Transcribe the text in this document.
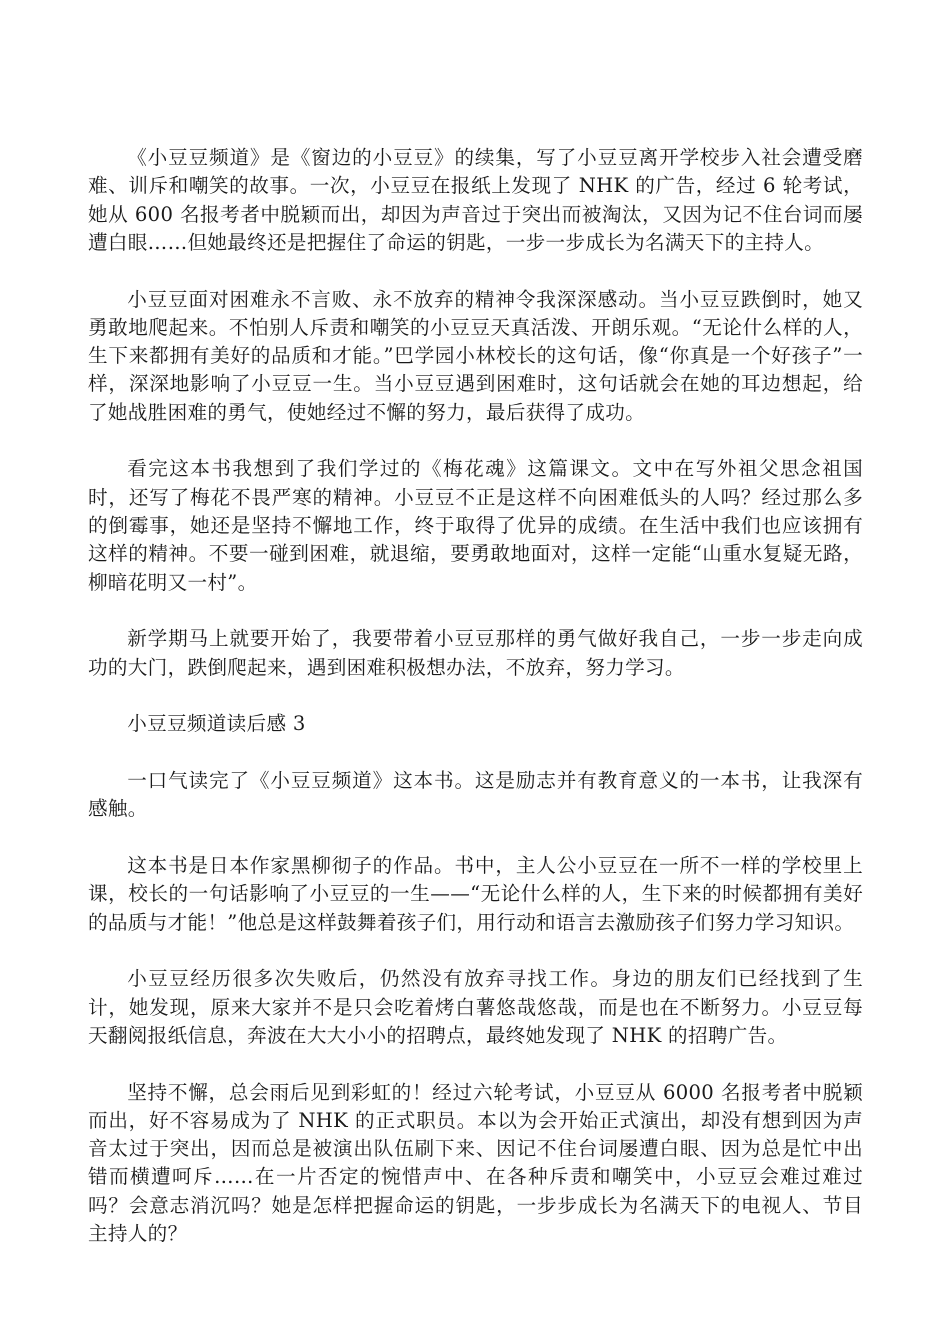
《小豆豆频道》是《窗边的小豆豆》的续集，写了小豆豆离开学校步入社会遭受磨难、训斥和嘲笑的故事。一次，小豆豆在报纸上发现了 NHK 的广告，经过 6 轮考试，她从 600 名报考者中脱颖而出，却因为声音过于突出而被淘汰，又因为记不住台词而屡遭白眼……但她最终还是把握住了命运的钥匙，一步一步成长为名满天下的主持人。

小豆豆面对困难永不言败、永不放弃的精神令我深深感动。当小豆豆跌倒时，她又勇敢地爬起来。不怕别人斥责和嘲笑的小豆豆天真活泼、开朗乐观。“无论什么样的人，生下来都拥有美好的品质和才能。”巴学园小林校长的这句话，像“你真是一个好孩子”一样，深深地影响了小豆豆一生。当小豆豆遇到困难时，这句话就会在她的耳边想起，给了她战胜困难的勇气，使她经过不懈的努力，最后获得了成功。

看完这本书我想到了我们学过的《梅花魂》这篇课文。文中在写外祖父思念祖国时，还写了梅花不畏严寒的精神。小豆豆不正是这样不向困难低头的人吗？经过那么多的倒霉事，她还是坚持不懈地工作，终于取得了优异的成绩。在生活中我们也应该拥有这样的精神。不要一碰到困难，就退缩，要勇敢地面对，这样一定能“山重水复疑无路，柳暗花明又一村”。

新学期马上就要开始了，我要带着小豆豆那样的勇气做好我自己，一步一步走向成功的大门，跌倒爬起来，遇到困难积极想办法，不放弃，努力学习。

小豆豆频道读后感 3

一口气读完了《小豆豆频道》这本书。这是励志并有教育意义的一本书，让我深有感触。

这本书是日本作家黑柳彻子的作品。书中，主人公小豆豆在一所不一样的学校里上课，校长的一句话影响了小豆豆的一生——“无论什么样的人，生下来的时候都拥有美好的品质与才能！”他总是这样鼓舞着孩子们，用行动和语言去激励孩子们努力学习知识。

小豆豆经历很多次失败后，仍然没有放弃寻找工作。身边的朋友们已经找到了生计，她发现，原来大家并不是只会吃着烤白薯悠哉悠哉，而是也在不断努力。小豆豆每天翻阅报纸信息，奔波在大大小小的招聘点，最终她发现了 NHK 的招聘广告。

坚持不懈，总会雨后见到彩虹的！经过六轮考试，小豆豆从 6000 名报考者中脱颖而出，好不容易成为了 NHK 的正式职员。本以为会开始正式演出，却没有想到因为声音太过于突出，因而总是被演出队伍刷下来、因记不住台词屡遭白眼、因为总是忙中出错而横遭呵斥……在一片否定的惋惜声中、在各种斥责和嘲笑中，小豆豆会难过难过吗？会意志消沉吗？她是怎样把握命运的钥匙，一步步成长为名满天下的电视人、节目主持人的？
